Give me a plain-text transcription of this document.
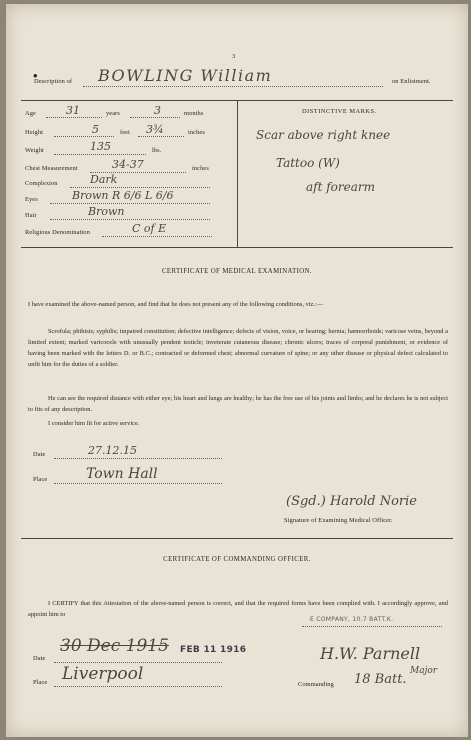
3
•
Description of BOWLING William	on Enlistment.
Age	31	years	3	months
Height	5	feet 3¾	inches
Weight	135	lbs.
Chest Measurement	34-37	inches
Complexion	Dark
Eyes	Brown R 6/6 L 6/6
Hair	Brown
Religious Denomination	C of E
DISTINCTIVE MARKS.
Scar above right knee
Tattoo (W)
aft forearm
CERTIFICATE OF MEDICAL EXAMINATION.
I have examined the above-named person, and find that he does not present any of the following conditions, viz.:—
Scrofula; phthisis; syphilis; impaired constitution; defective intelligence; defects of vision, voice, or hearing; hernia; hæmorrhoids; varicose veins, beyond a limited extent; marked varicocele with unusually pendent testicle; inveterate cutaneous disease; chronic ulcers; traces of corporal punishment, or evidence of having been marked with the letters D. or B.C.; contracted or deformed chest; abnormal curvature of spine; or any other disease or physical defect calculated to unfit him for the duties of a soldier.
He can see the required distance with either eye; his heart and lungs are healthy; he has the free use of his joints and limbs; and he declares he is not subject to fits of any description.
I consider him fit for active service.
Date	27.12.15
Place	Town Hall
(Sgd.) Harold Norie
Signature of Examining Medical Officer.
CERTIFICATE OF COMMANDING OFFICER.
I CERTIFY that this Attestation of the above-named person is correct, and that the required forms have been complied with. I accordingly approve, and appoint him to
E COMPANY, 10.7 BATT.K.
Date
30 Dec 1915 FEB 11 1916
Place Liverpool
H.W. Parnell
Major
Commanding 18 Batt.
